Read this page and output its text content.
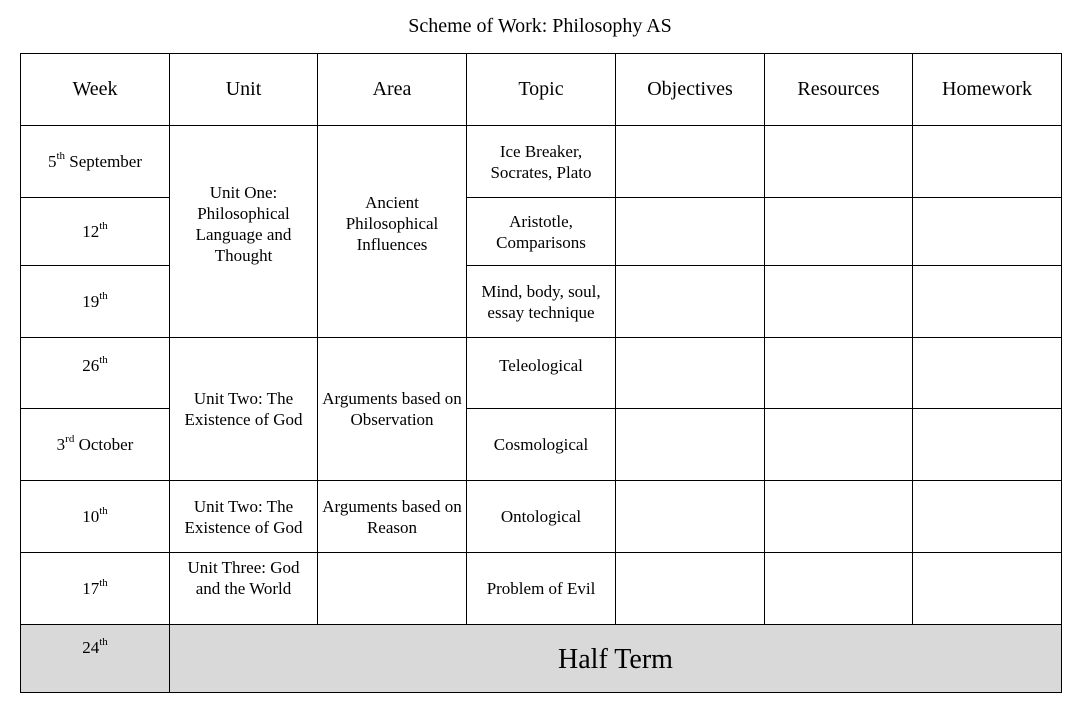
Scheme of Work: Philosophy AS
Week	Unit	Area	Topic	Objectives	Resources	Homework
5th September	Unit One: Philosophical Language and Thought	Ancient Philosophical Influences	Ice Breaker, Socrates, Plato			
12th			Aristotle, Comparisons			
19th			Mind, body, soul, essay technique			
26th	Unit Two: The Existence of God	Arguments based on Observation	Teleological			
3rd October			Cosmological			
10th	Unit Two: The Existence of God	Arguments based on Reason	Ontological			
17th	Unit Three: God and the World		Problem of Evil			
24th	Half Term					
